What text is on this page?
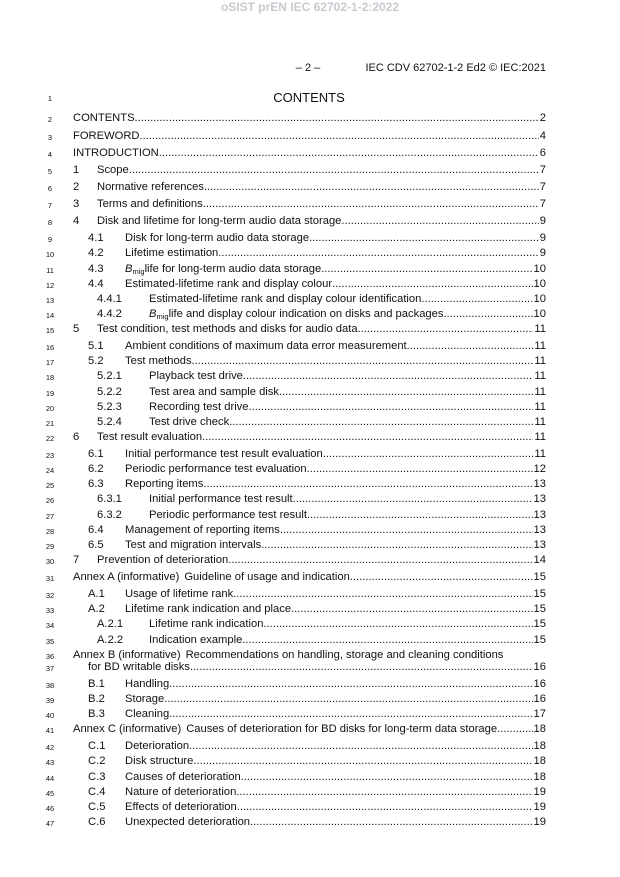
oSIST prEN IEC 62702-1-2:2022
– 2 –	IEC CDV 62702-1-2 Ed2 © IEC:2021
1	CONTENTS
2	CONTENTS .....	2
3	FOREWORD .....	4
4	INTRODUCTION .....	6
5	1	Scope .....	7
6	2	Normative references .....	7
7	3	Terms and definitions .....	7
8	4	Disk and lifetime for long-term audio data storage .....	9
9	4.1	Disk for long-term audio data storage .....	9
10	4.2	Lifetime estimation .....	9
11	4.3	$B_{mig}life$ for long-term audio data storage .....	10
12	4.4	Estimated-lifetime rank and display colour .....	10
13	4.4.1	Estimated-lifetime rank and display colour identification .....	10
14	4.4.2	$B_{mig}life$ and display colour indication on disks and packages .....	10
15	5	Test condition, test methods and disks for audio data .....	11
16	5.1	Ambient conditions of maximum data error measurement .....	11
17	5.2	Test methods .....	11
18	5.2.1	Playback test drive .....	11
19	5.2.2	Test area and sample disk .....	11
20	5.2.3	Recording test drive .....	11
21	5.2.4	Test drive check .....	11
22	6	Test result evaluation .....	11
23	6.1	Initial performance test result evaluation .....	11
24	6.2	Periodic performance test evaluation .....	12
25	6.3	Reporting items .....	13
26	6.3.1	Initial performance test result .....	13
27	6.3.2	Periodic performance test result .....	13
28	6.4	Management of reporting items .....	13
29	6.5	Test and migration intervals .....	13
30	7	Prevention of deterioration .....	14
31	Annex A (informative) Guideline of usage and indication .....	15
32	A.1	Usage of lifetime rank .....	15
33	A.2	Lifetime rank indication and place .....	15
34	A.2.1	Lifetime rank indication .....	15
35	A.2.2	Indication example .....	15
36	Annex B (informative) Recommendations on handling, storage and cleaning conditions
37	for BD writable disks .....	16
38	B.1	Handling .....	16
39	B.2	Storage .....	16
40	B.3	Cleaning .....	17
41	Annex C (informative) Causes of deterioration for BD disks for long-term data storage .....	18
42	C.1	Deterioration .....	18
43	C.2	Disk structure .....	18
44	C.3	Causes of deterioration .....	18
45	C.4	Nature of deterioration .....	19
46	C.5	Effects of deterioration .....	19
47	C.6	Unexpected deterioration .....	19
